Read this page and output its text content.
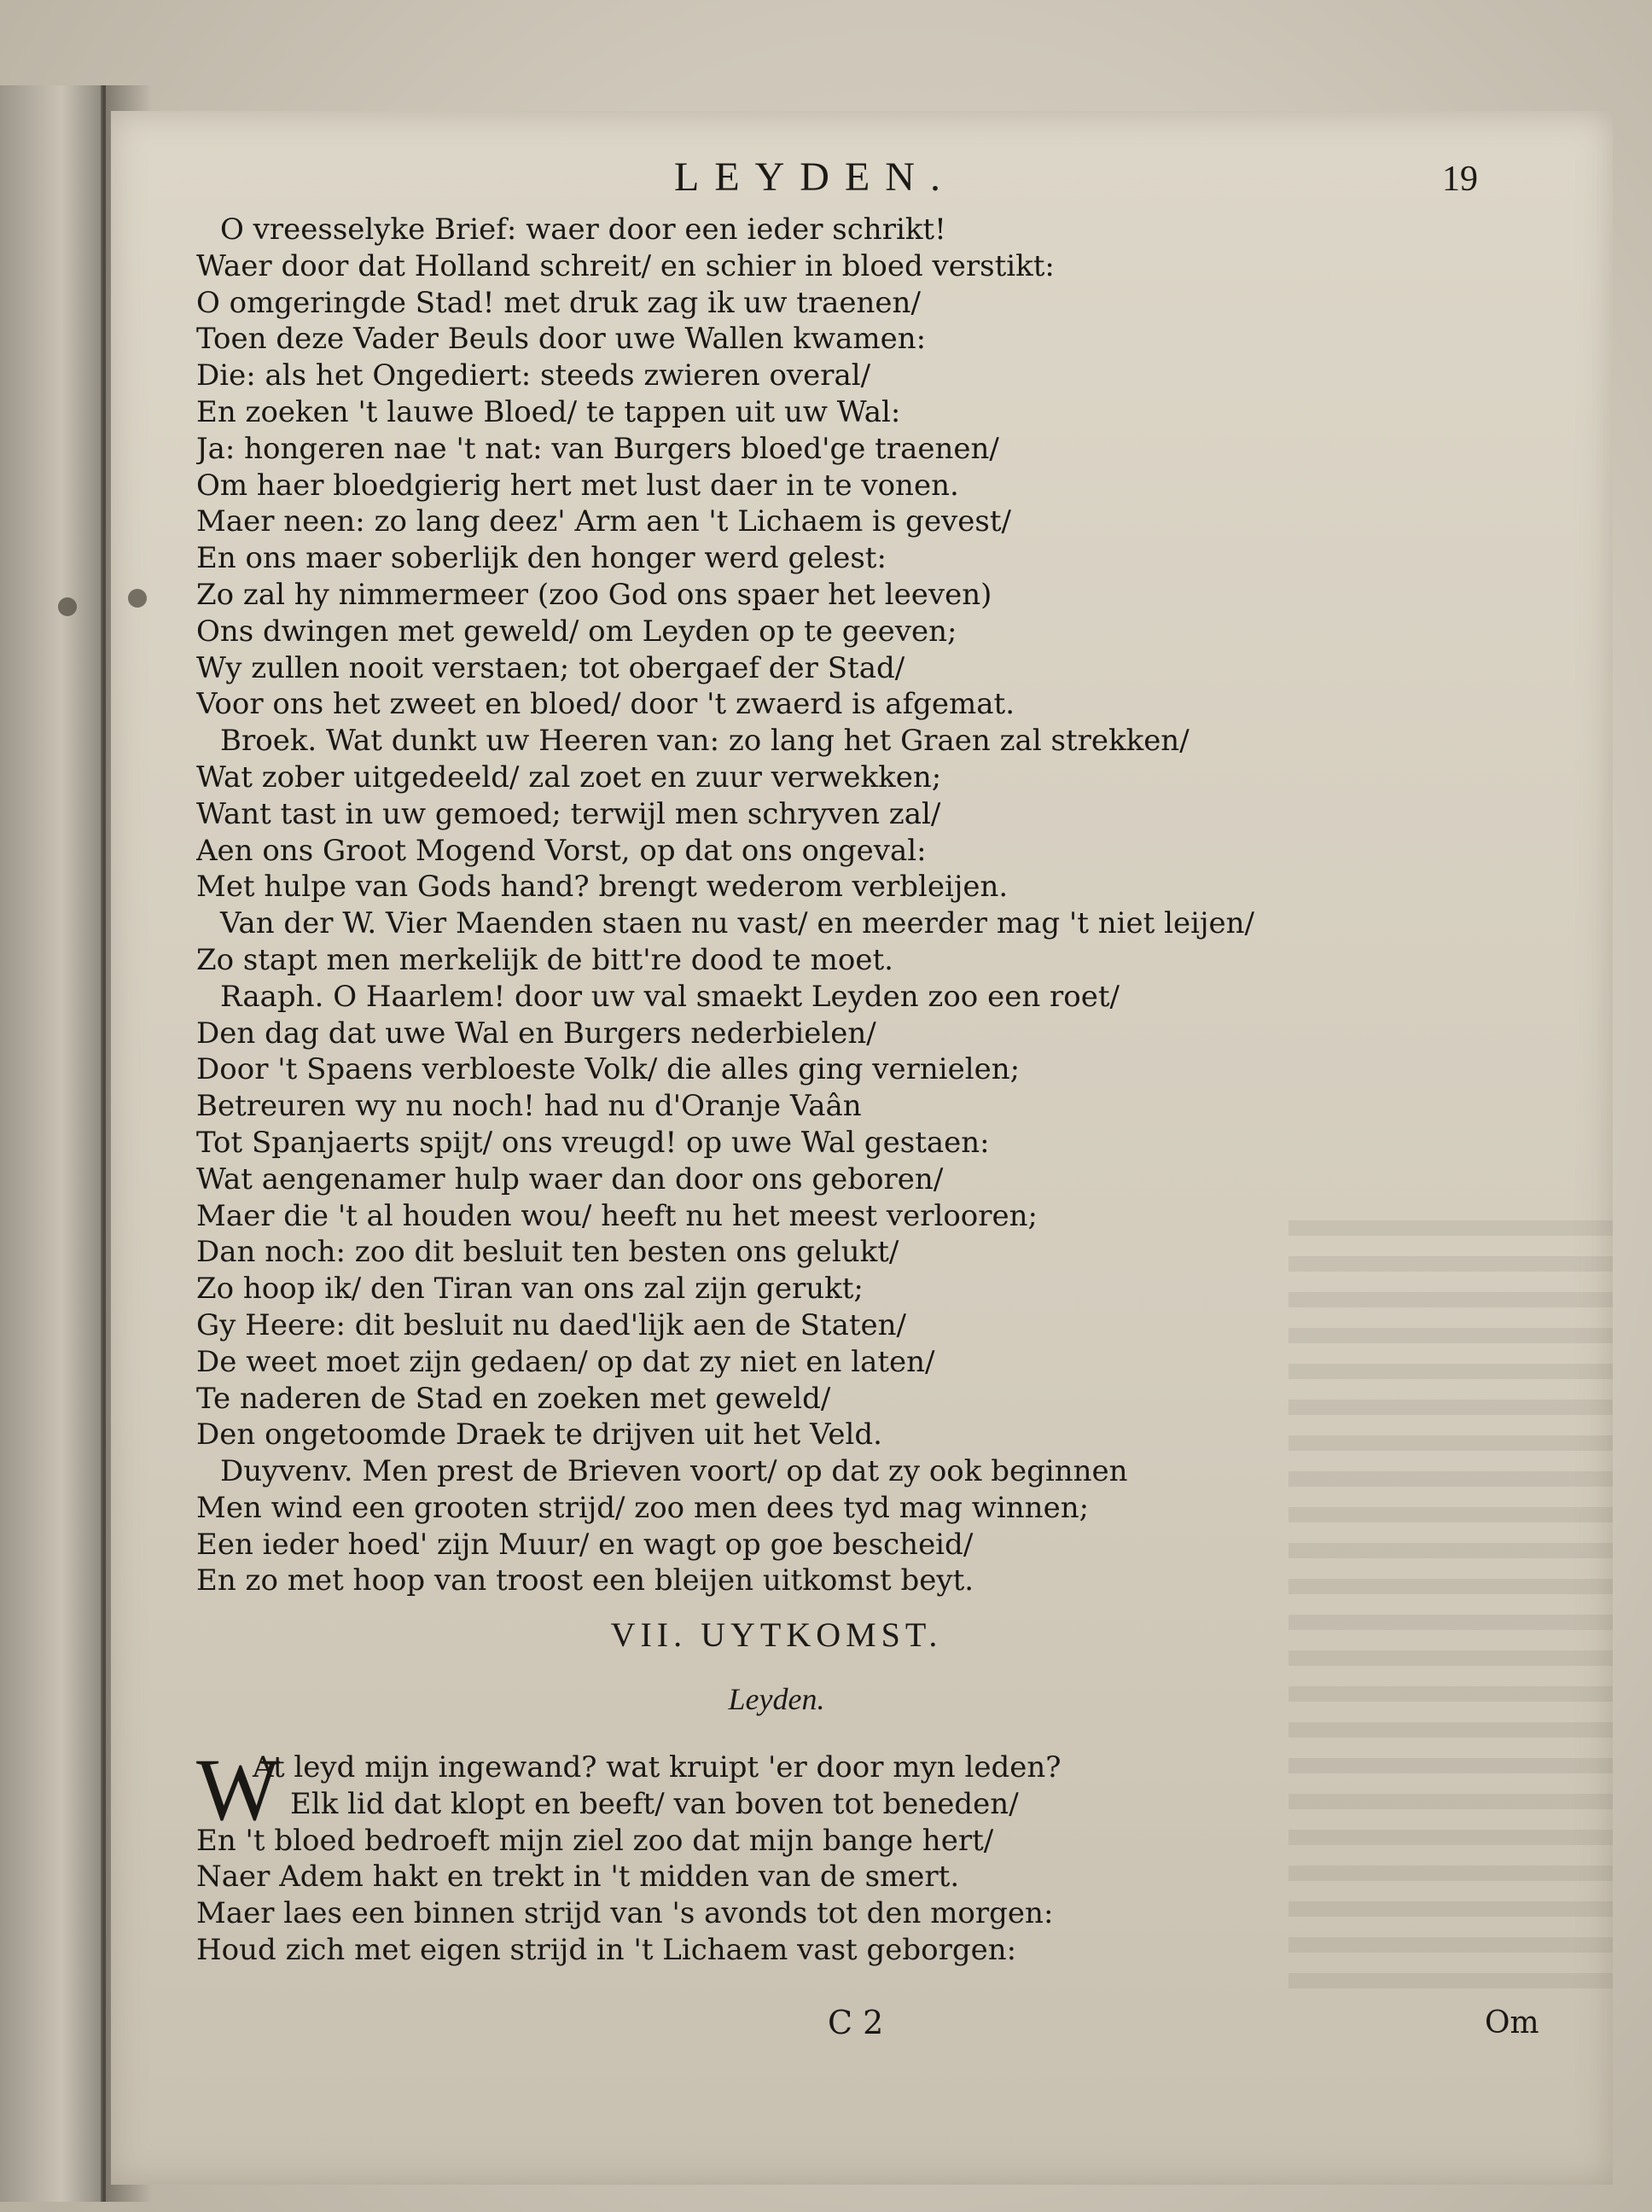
LEYDEN.	19
O vreesselyke Brief: waer door een ieder schrikt!
Waer door dat Holland schreit/ en schier in bloed verstikt:
O omgeringde Stad! met druk zag ik uw traenen/
Toen deze Vader Beuls door uwe Wallen kwamen:
Die: als het Ongediert: steeds zwieren overal/
En zoeken 't lauwe Bloed/ te tappen uit uw Wal:
Ja: hongeren nae 't nat: van Burgers bloed'ge traenen/
Om haer bloedgierig hert met lust daer in te vonen.
Maer neen: zo lang deez' Arm aen 't Lichaem is gevest/
En ons maer soberlijk den honger werd gelest:
Zo zal hy nimmermeer (zoo God ons spaer het leeven)
Ons dwingen met geweld/ om Leyden op te geeven;
Wy zullen nooit verstaen; tot obergaef der Stad/
Voor ons het zweet en bloed/ door 't zwaerd is afgemat.
Broek. Wat dunkt uw Heeren van: zo lang het Graen zal strekken/
Wat zober uitgedeeld/ zal zoet en zuur verwekken;
Want tast in uw gemoed; terwijl men schryven zal/
Aen ons Groot Mogend Vorst, op dat ons ongeval:
Met hulpe van Gods hand? brengt wederom verbleijen.
Van der W. Vier Maenden staen nu vast/ en meerder mag 't niet leijen/
Zo stapt men merkelijk de bitt're dood te moet.
Raaph. O Haarlem! door uw val smaekt Leyden zoo een roet/
Den dag dat uwe Wal en Burgers nederbielen/
Door 't Spaens verbloeste Volk/ die alles ging vernielen;
Betreuren wy nu noch! had nu d'Oranje Vaân
Tot Spanjaerts spijt/ ons vreugd! op uwe Wal gestaen:
Wat aengenamer hulp waer dan door ons geboren/
Maer die 't al houden wou/ heeft nu het meest verlooren;
Dan noch: zoo dit besluit ten besten ons gelukt/
Zo hoop ik/ den Tiran van ons zal zijn gerukt;
Gy Heere: dit besluit nu daed'lijk aen de Staten/
De weet moet zijn gedaen/ op dat zy niet en laten/
Te naderen de Stad en zoeken met geweld/
Den ongetoomde Draek te drijven uit het Veld.
Duyvenv. Men prest de Brieven voort/ op dat zy ook beginnen
Men wind een grooten strijd/ zoo men dees tyd mag winnen;
Een ieder hoed' zijn Muur/ en wagt op goe bescheid/
En zo met hoop van troost een bleijen uitkomst beyt.
VII. UYTKOMST.
Leyden.
W
At leyd mijn ingewand? wat kruipt 'er door myn leden?
Elk lid dat klopt en beeft/ van boven tot beneden/
En 't bloed bedroeft mijn ziel zoo dat mijn bange hert/
Naer Adem hakt en trekt in 't midden van de smert.
Maer laes een binnen strijd van 's avonds tot den morgen:
Houd zich met eigen strijd in 't Lichaem vast geborgen:
C 2	Om
